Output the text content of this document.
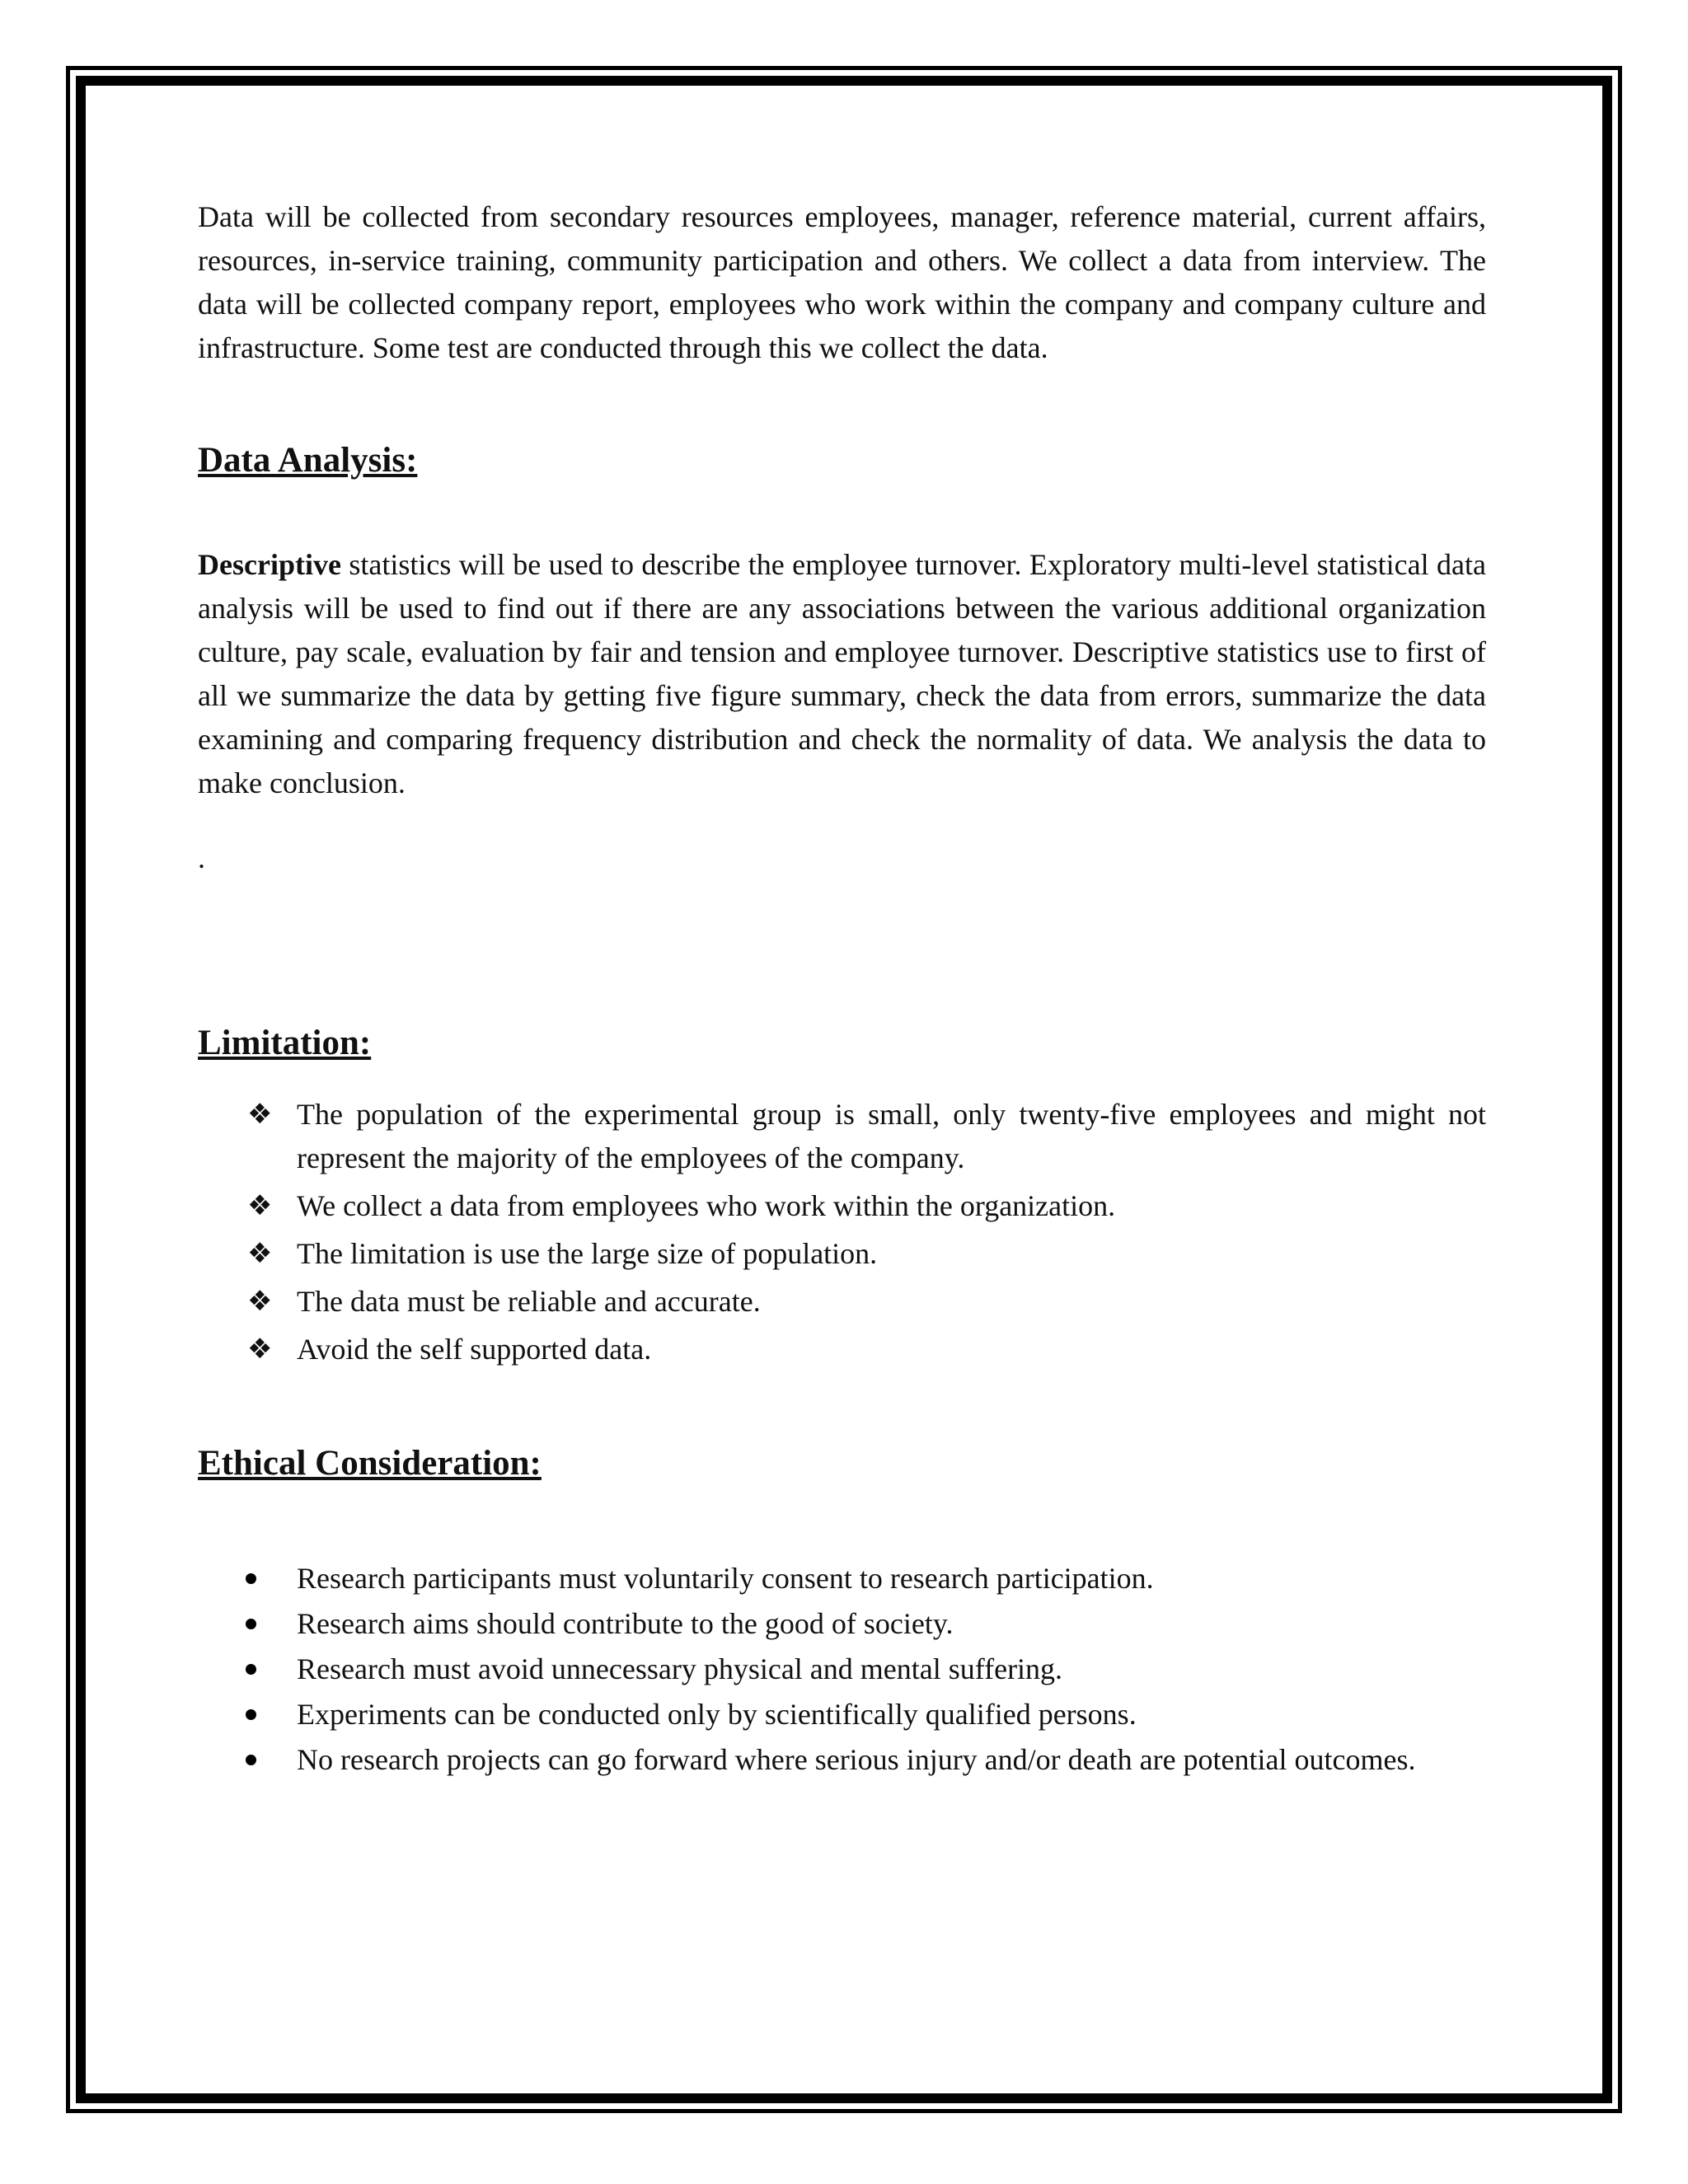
Data will be collected from secondary resources employees, manager, reference material, current affairs, resources, in-service training, community participation and others. We collect a data from interview. The data will be collected company report, employees who work within the company and company culture and infrastructure. Some test are conducted through this we collect the data.

Data Analysis:

Descriptive statistics will be used to describe the employee turnover. Exploratory multi-level statistical data analysis will be used to find out if there are any associations between the various additional organization culture, pay scale, evaluation by fair and tension and employee turnover. Descriptive statistics use to first of all we summarize the data by getting five figure summary, check the data from errors, summarize the data examining and comparing frequency distribution and check the normality of data. We analysis the data to make conclusion.

.

Limitation:
❖ The population of the experimental group is small, only twenty-five employees and might not represent the majority of the employees of the company.
❖ We collect a data from employees who work within the organization.
❖ The limitation is use the large size of population.
❖ The data must be reliable and accurate.
❖ Avoid the self supported data.
Ethical Consideration:
Research participants must voluntarily consent to research participation.
Research aims should contribute to the good of society.
Research must avoid unnecessary physical and mental suffering.
Experiments can be conducted only by scientifically qualified persons.
No research projects can go forward where serious injury and/or death are potential outcomes.
